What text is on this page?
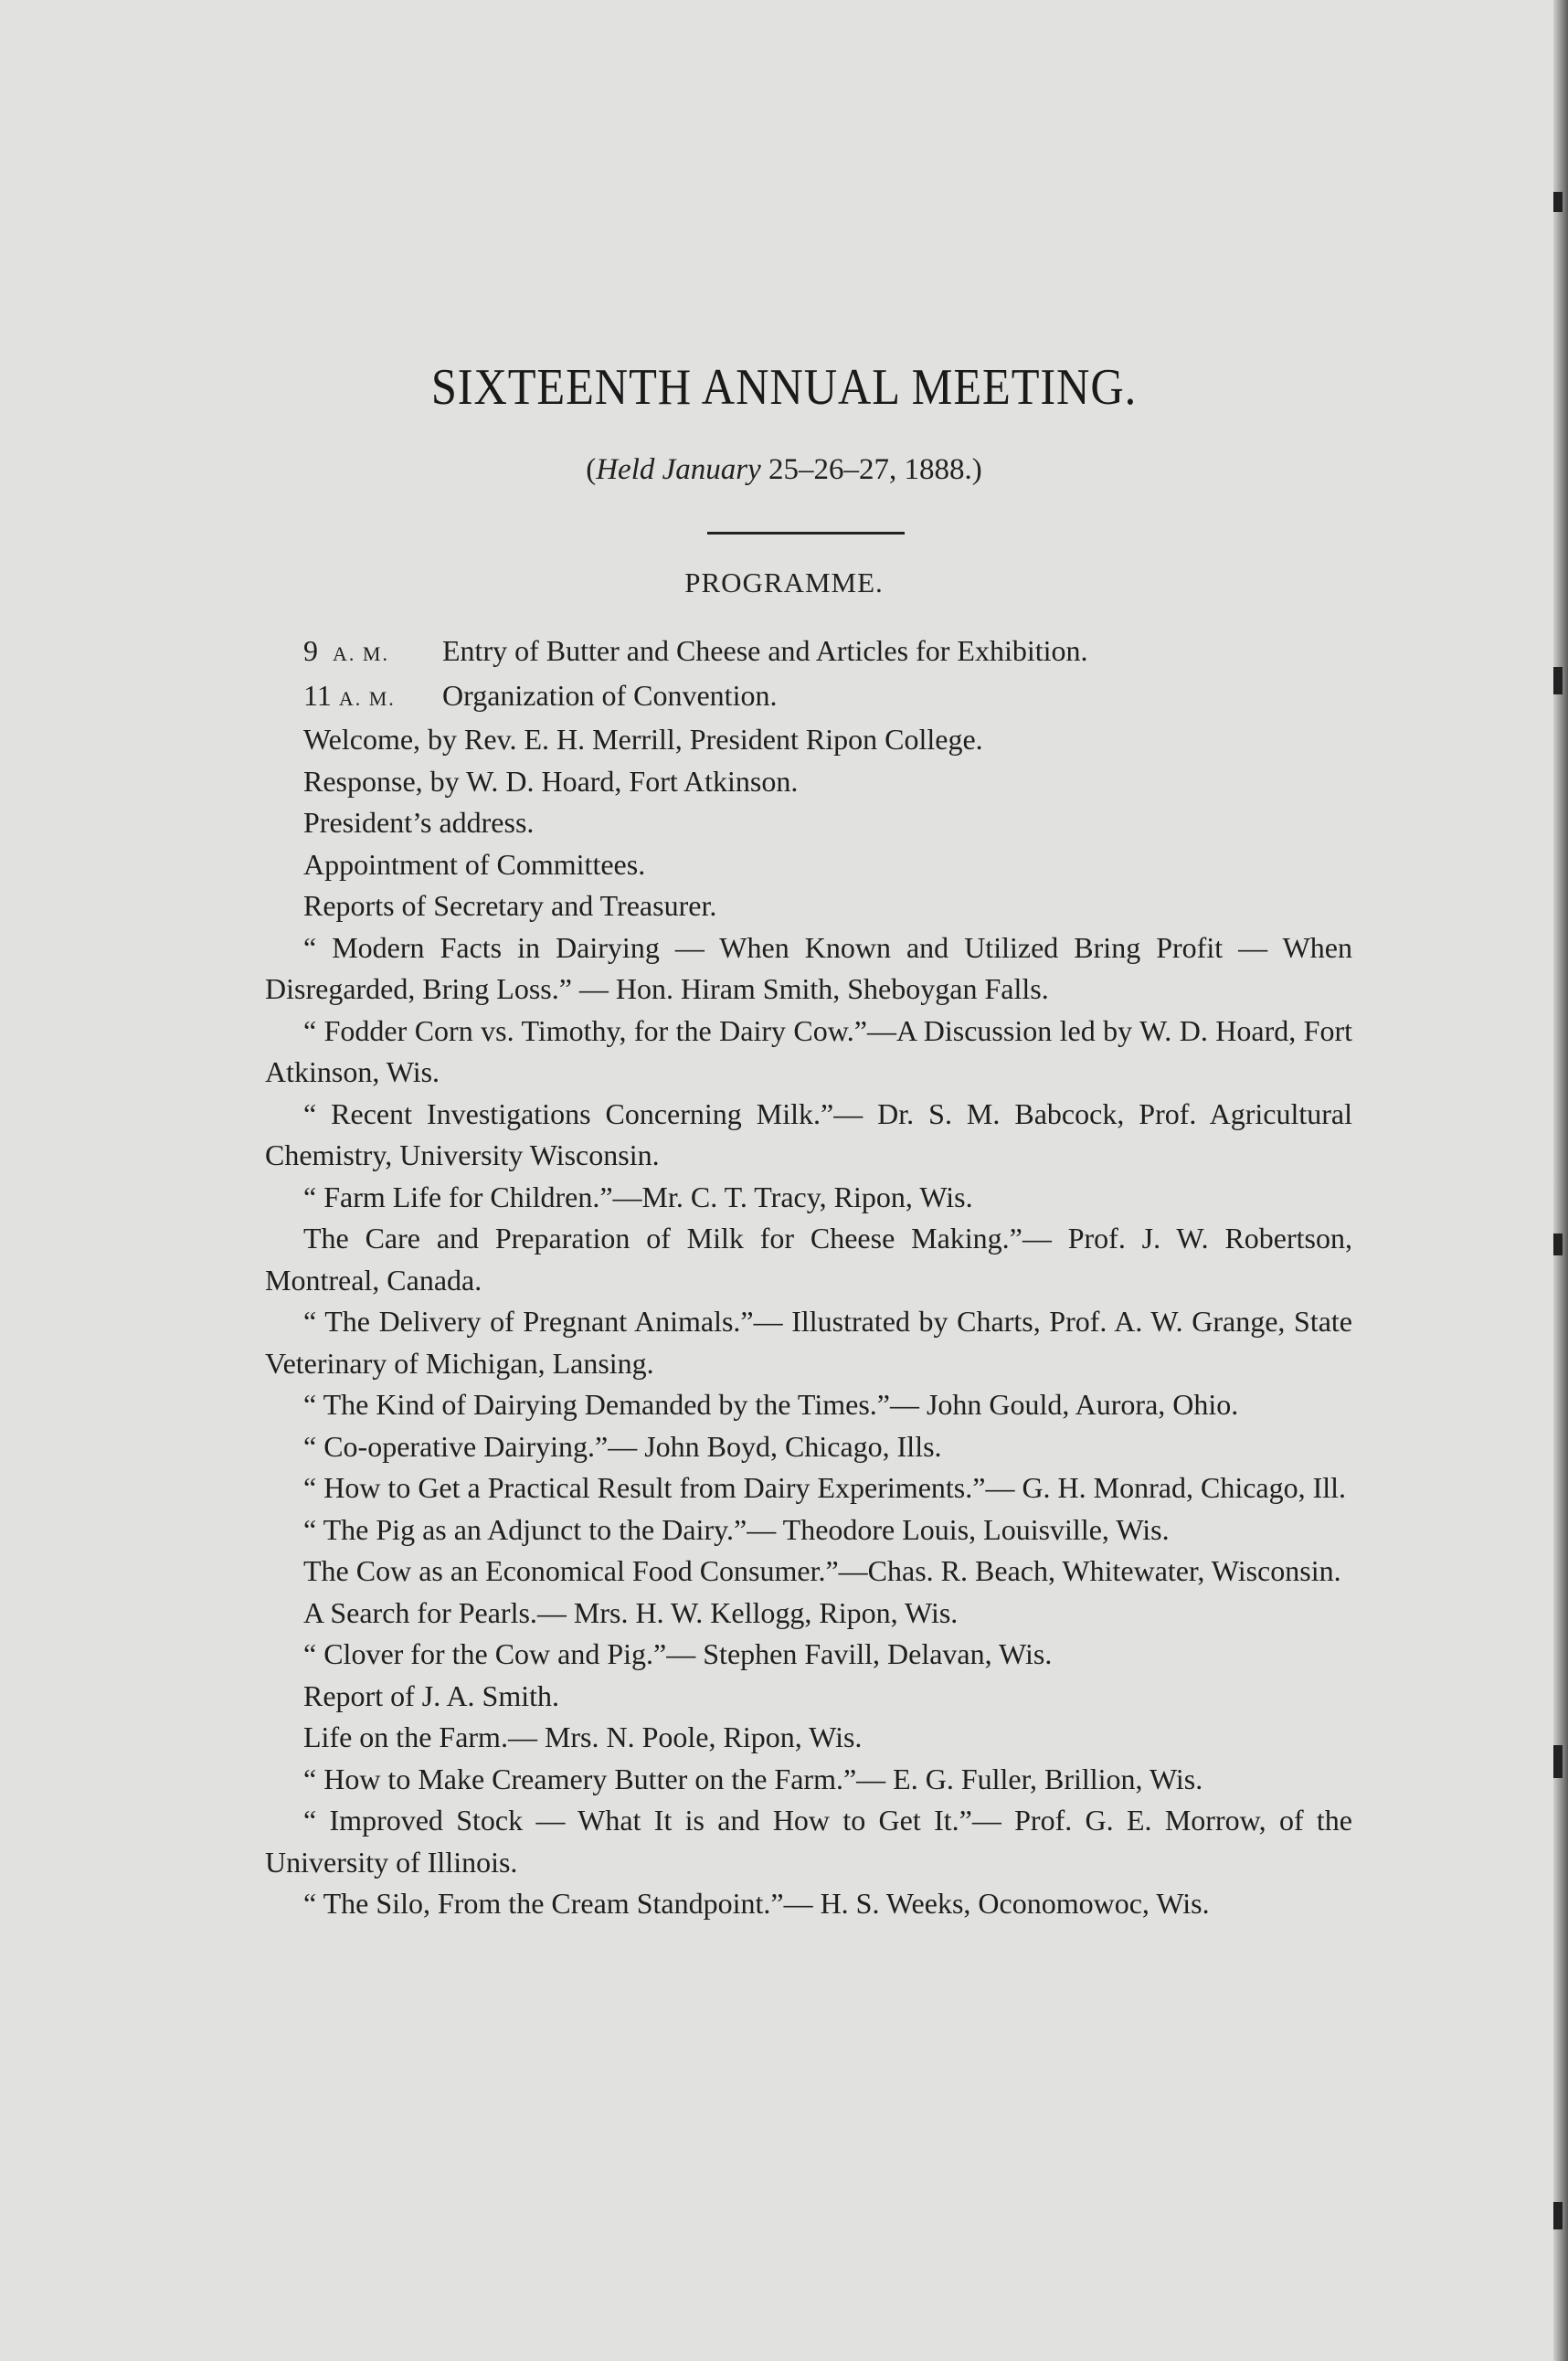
SIXTEENTH ANNUAL MEETING.
(Held January 25–26–27, 1888.)
PROGRAMME.

9 A. M. Entry of Butter and Cheese and Articles for Exhibition.

11 A. M. Organization of Convention.

Welcome, by Rev. E. H. Merrill, President Ripon College.

Response, by W. D. Hoard, Fort Atkinson.

President’s address.

Appointment of Committees.

Reports of Secretary and Treasurer.

“ Modern Facts in Dairying — When Known and Utilized Bring Profit — When Disregarded, Bring Loss.” — Hon. Hiram Smith, Sheboygan Falls.

“ Fodder Corn vs. Timothy, for the Dairy Cow.”—A Discussion led by W. D. Hoard, Fort Atkinson, Wis.

“ Recent Investigations Concerning Milk.”— Dr. S. M. Babcock, Prof. Agricultural Chemistry, University Wisconsin.

“ Farm Life for Children.”—Mr. C. T. Tracy, Ripon, Wis.

The Care and Preparation of Milk for Cheese Making.”— Prof. J. W. Robertson, Montreal, Canada.

“ The Delivery of Pregnant Animals.”— Illustrated by Charts, Prof. A. W. Grange, State Veterinary of Michigan, Lansing.

“ The Kind of Dairying Demanded by the Times.”— John Gould, Aurora, Ohio.

“ Co-operative Dairying.”— John Boyd, Chicago, Ills.

“ How to Get a Practical Result from Dairy Experiments.”— G. H. Monrad, Chicago, Ill.

“ The Pig as an Adjunct to the Dairy.”— Theodore Louis, Louisville, Wis.

The Cow as an Economical Food Consumer.”—Chas. R. Beach, Whitewater, Wisconsin.

A Search for Pearls.— Mrs. H. W. Kellogg, Ripon, Wis.

“ Clover for the Cow and Pig.”— Stephen Favill, Delavan, Wis.

Report of J. A. Smith.

Life on the Farm.— Mrs. N. Poole, Ripon, Wis.

“ How to Make Creamery Butter on the Farm.”— E. G. Fuller, Brillion, Wis.

“ Improved Stock — What It is and How to Get It.”— Prof. G. E. Morrow, of the University of Illinois.

“ The Silo, From the Cream Standpoint.”— H. S. Weeks, Oconomowoc, Wis.
